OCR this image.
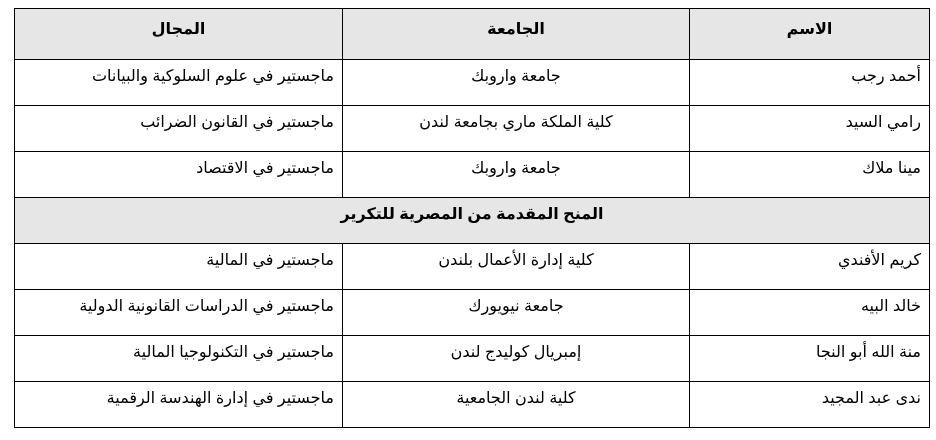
الاسم	الجامعة	المجال
أحمد رجب	جامعة واروبك	ماجستير في علوم السلوكية والبيانات
رامي السيد	كلية الملكة ماري بجامعة لندن	ماجستير في القانون الضرائب
مينا ملاك	جامعة واروبك	ماجستير في الاقتصاد
المنح المقدمة من المصرية للتكرير		
كريم الأفندي	كلية إدارة الأعمال بلندن	ماجستير في المالية
خالد البيه	جامعة نيويورك	ماجستير في الدراسات القانونية الدولية
منة الله أبو النجا	إمبريال كوليدج لندن	ماجستير في التكنولوجيا المالية
ندى عبد المجيد	كلية لندن الجامعية	ماجستير في إدارة الهندسة الرقمية
